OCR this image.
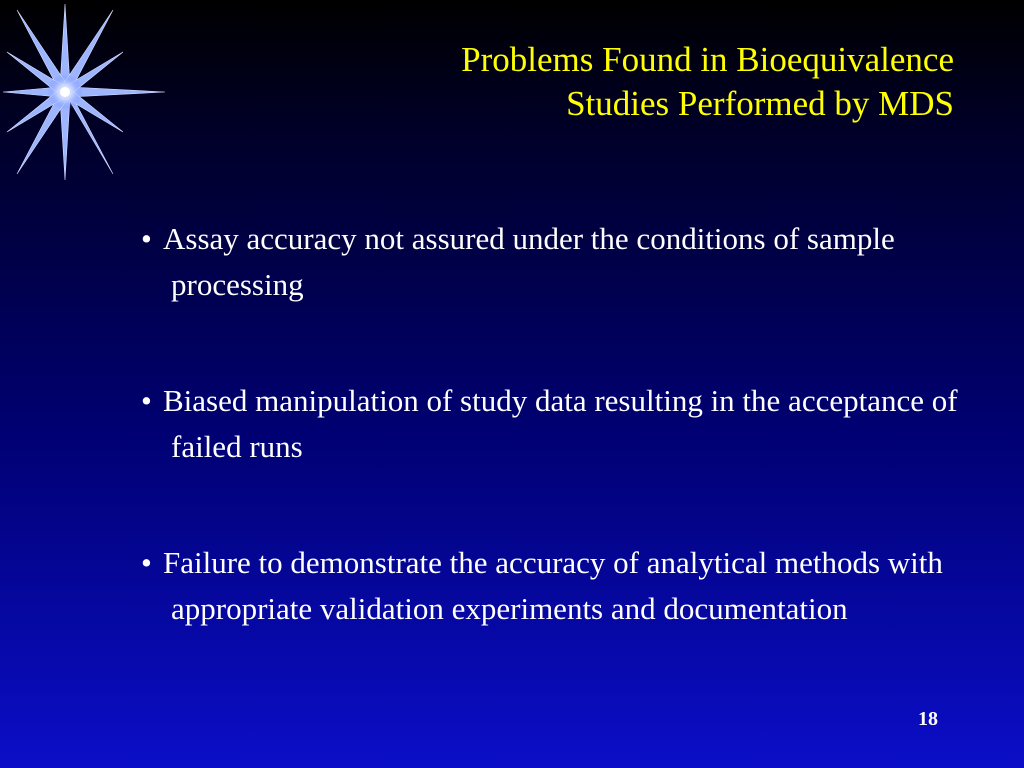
Problems Found in Bioequivalence
Studies Performed by MDS
• Assay accuracy not assured under the conditions of sample processing
• Biased manipulation of study data resulting in the acceptance of failed runs
• Failure to demonstrate the accuracy of analytical methods with appropriate validation experiments and documentation
18
